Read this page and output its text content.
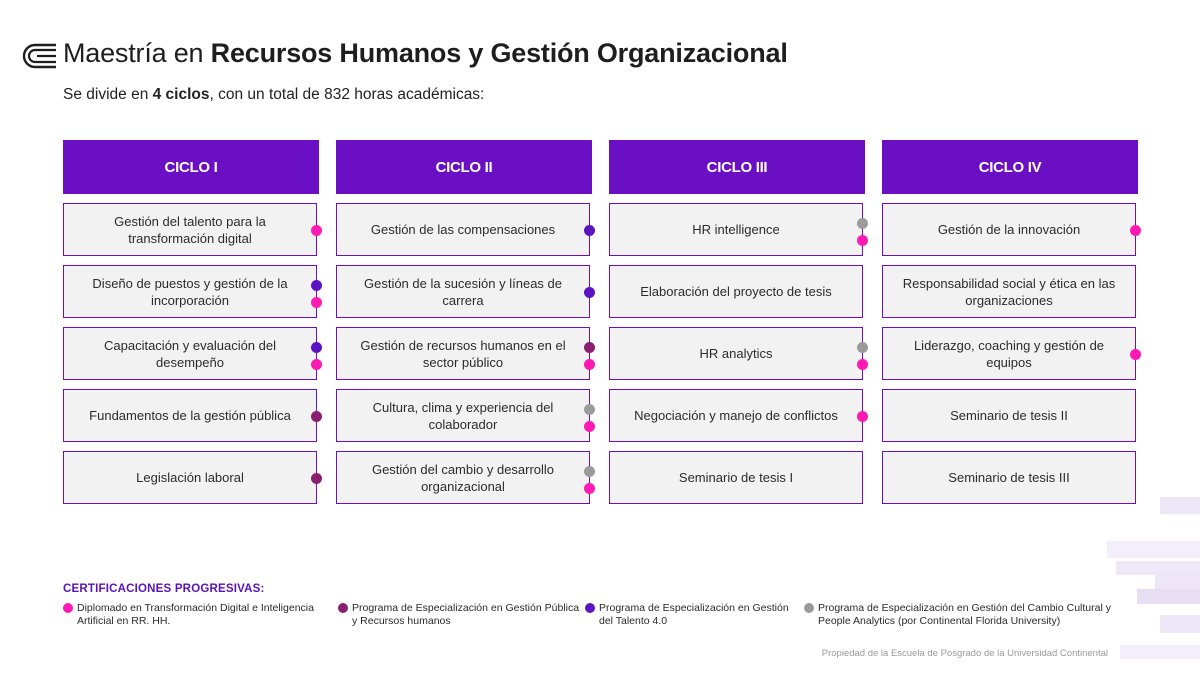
Maestría en Recursos Humanos y Gestión Organizacional
Se divide en 4 ciclos, con un total de 832 horas académicas:
CICLO I
Gestión del talento para la transformación digital
Diseño de puestos y gestión de la incorporación
Capacitación y evaluación del desempeño
Fundamentos de la gestión pública
Legislación laboral
CICLO II
Gestión de las compensaciones
Gestión de la sucesión y líneas de carrera
Gestión de recursos humanos en el sector público
Cultura, clima y experiencia del colaborador
Gestión del cambio y desarrollo organizacional
CICLO III
HR intelligence
Elaboración del proyecto de tesis
HR analytics
Negociación y manejo de conflictos
Seminario de tesis I
CICLO IV
Gestión de la innovación
Responsabilidad social y ética en las organizaciones
Liderazgo, coaching y gestión de equipos
Seminario de tesis II
Seminario de tesis III
CERTIFICACIONES PROGRESIVAS:
Diplomado en Transformación Digital e Inteligencia
Artificial en RR. HH.
Programa de Especialización en Gestión Pública
y Recursos humanos
Programa de Especialización en Gestión
del Talento 4.0
Programa de Especialización en Gestión del Cambio Cultural y
People Analytics (por Continental Florida University)
Propiedad de la Escuela de Posgrado de la Universidad Continental
